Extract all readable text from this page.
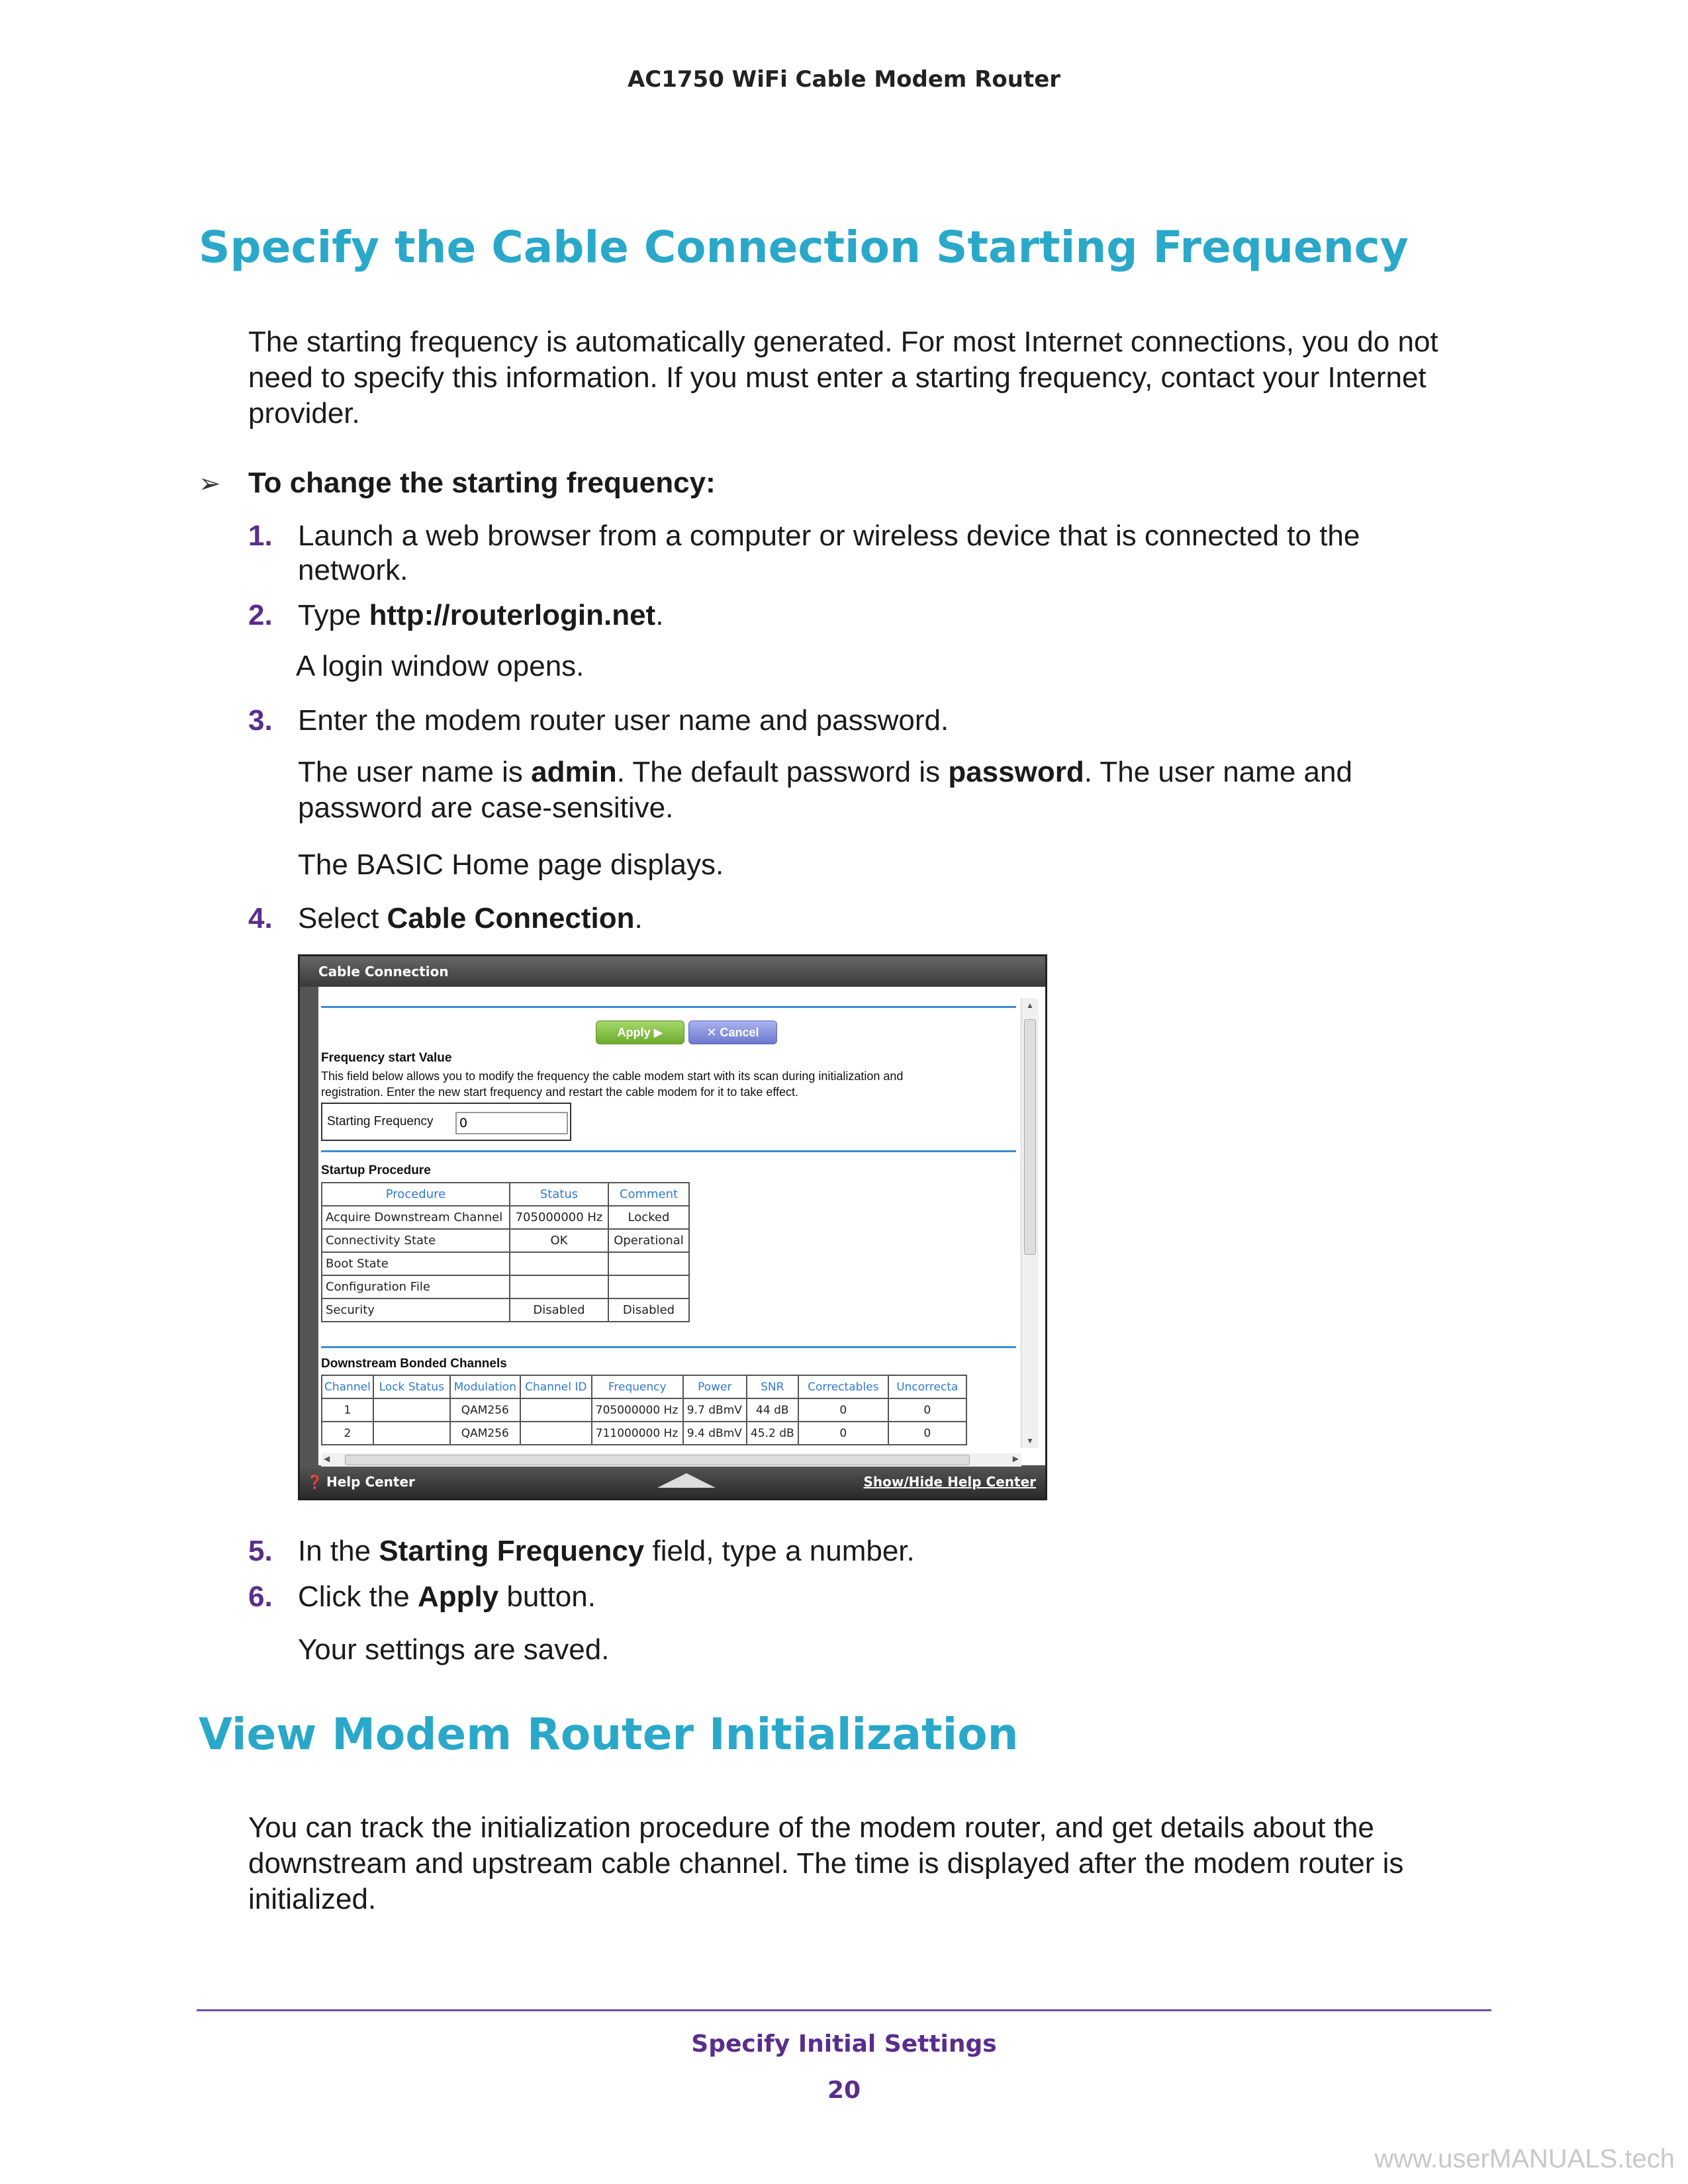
AC1750 WiFi Cable Modem Router
Specify the Cable Connection Starting Frequency
The starting frequency is automatically generated. For most Internet connections, you do not need to specify this information. If you must enter a starting frequency, contact your Internet provider.
➢ To change the starting frequency:
1. Launch a web browser from a computer or wireless device that is connected to the network.
2. Type http://routerlogin.net.
A login window opens.
3. Enter the modem router user name and password.
The user name is admin. The default password is password. The user name and password are case-sensitive.
The BASIC Home page displays.
4. Select Cable Connection.
Cable Connection
❓ Help Center	Show/Hide Help Center
Apply ▶	✕ Cancel
Frequency start Value
This field below allows you to modify the frequency the cable modem start with its scan during initialization and
registration. Enter the new start frequency and restart the cable modem for it to take effect.
Starting Frequency
0
Startup Procedure
Procedure	Status	Comment
Acquire Downstream Channel	705000000 Hz	Locked
Connectivity State	OK	Operational
Boot State		
Configuration File		
Security	Disabled	Disabled
Downstream Bonded Channels
Channel	Lock Status	Modulation	Channel ID	Frequency	Power	SNR	Correctables	Uncorrecta
1		QAM256		705000000 Hz	9.7 dBmV	44 dB	0	0
2		QAM256		711000000 Hz	9.4 dBmV	45.2 dB	0	0
▲
▼
◀	▶
5. In the Starting Frequency field, type a number.
6. Click the Apply button.
Your settings are saved.
View Modem Router Initialization
You can track the initialization procedure of the modem router, and get details about the downstream and upstream cable channel. The time is displayed after the modem router is initialized.
Specify Initial Settings
20
www.userMANUALS.tech
